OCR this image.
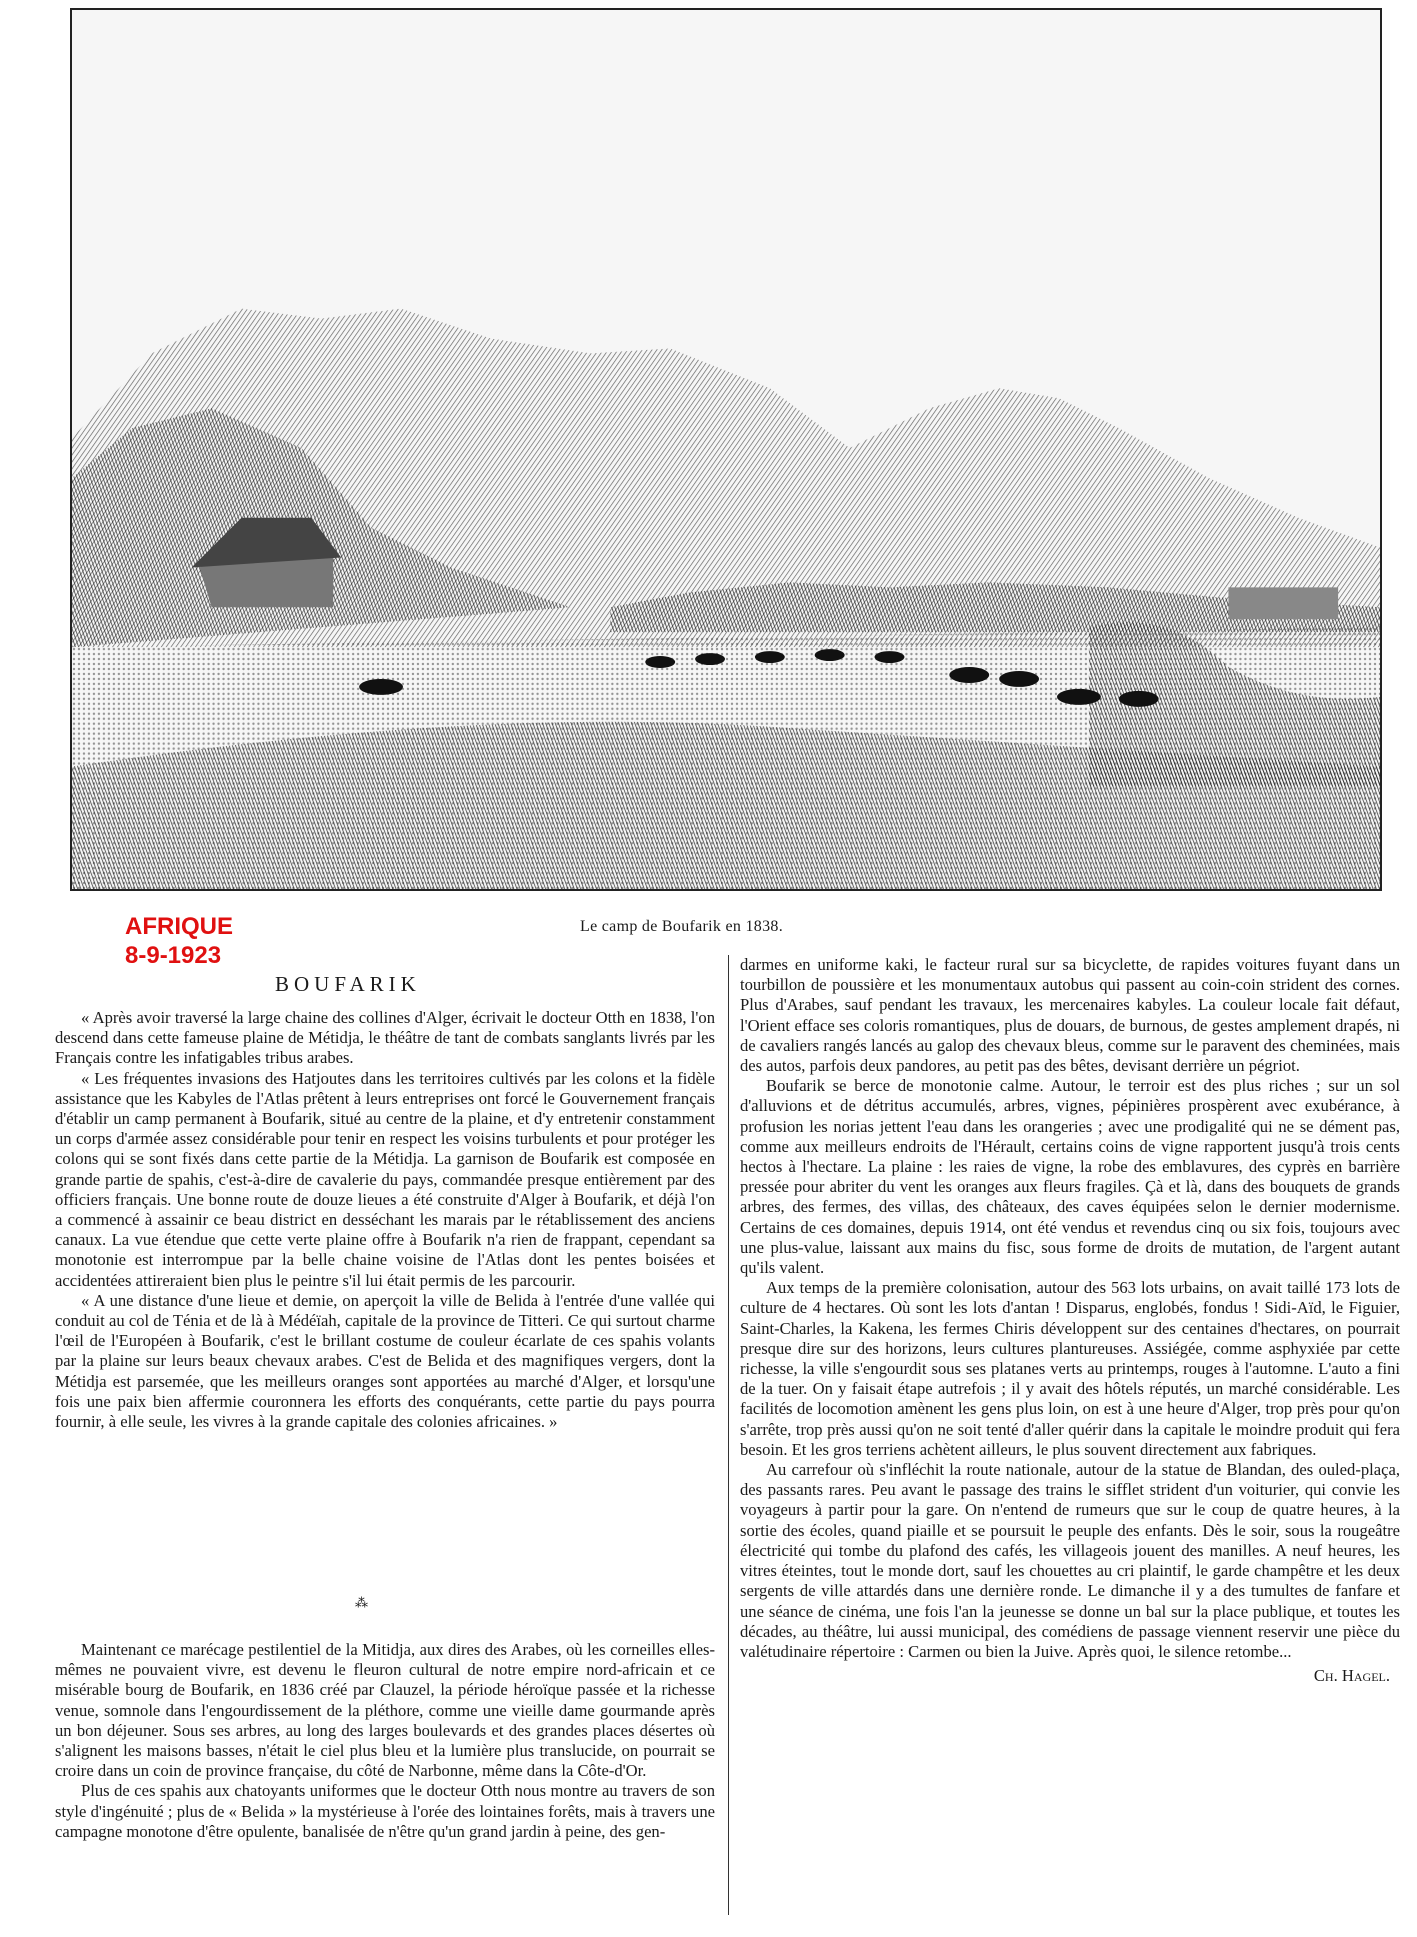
AFRIQUE
8-9-1923
Le camp de Boufarik en 1838.
BOUFARIK

« Après avoir traversé la large chaine des collines d'Alger, écrivait le docteur Otth en 1838, l'on descend dans cette fameuse plaine de Métidja, le théâtre de tant de combats sanglants livrés par les Français contre les infatigables tribus arabes.

« Les fréquentes invasions des Hatjoutes dans les territoires cultivés par les colons et la fidèle assistance que les Kabyles de l'Atlas prêtent à leurs entreprises ont forcé le Gouvernement français d'établir un camp permanent à Boufarik, situé au centre de la plaine, et d'y entretenir constamment un corps d'armée assez considérable pour tenir en respect les voisins turbulents et pour protéger les colons qui se sont fixés dans cette partie de la Métidja. La garnison de Boufarik est composée en grande partie de spahis, c'est-à-dire de cavalerie du pays, commandée presque entièrement par des officiers français. Une bonne route de douze lieues a été construite d'Alger à Boufarik, et déjà l'on a commencé à assainir ce beau district en desséchant les marais par le rétablissement des anciens canaux. La vue étendue que cette verte plaine offre à Boufarik n'a rien de frappant, cependant sa monotonie est interrompue par la belle chaine voisine de l'Atlas dont les pentes boisées et accidentées attireraient bien plus le peintre s'il lui était permis de les parcourir.

« A une distance d'une lieue et demie, on aperçoit la ville de Belida à l'entrée d'une vallée qui conduit au col de Ténia et de là à Médéïah, capitale de la province de Titteri. Ce qui surtout charme l'œil de l'Européen à Boufarik, c'est le brillant costume de couleur écarlate de ces spahis volants par la plaine sur leurs beaux chevaux arabes. C'est de Belida et des magnifiques vergers, dont la Métidja est parsemée, que les meilleurs oranges sont apportées au marché d'Alger, et lorsqu'une fois une paix bien affermie couronnera les efforts des conquérants, cette partie du pays pourra fournir, à elle seule, les vivres à la grande capitale des colonies africaines. »

⁂

Maintenant ce marécage pestilentiel de la Mitidja, aux dires des Arabes, où les corneilles elles-mêmes ne pouvaient vivre, est devenu le fleuron cultural de notre empire nord-africain et ce misérable bourg de Boufarik, en 1836 créé par Clauzel, la période héroïque passée et la richesse venue, somnole dans l'engourdissement de la pléthore, comme une vieille dame gourmande après un bon déjeuner. Sous ses arbres, au long des larges boulevards et des grandes places désertes où s'alignent les maisons basses, n'était le ciel plus bleu et la lumière plus translucide, on pourrait se croire dans un coin de province française, du côté de Narbonne, même dans la Côte-d'Or.

Plus de ces spahis aux chatoyants uniformes que le docteur Otth nous montre au travers de son style d'ingénuité ; plus de « Belida » la mystérieuse à l'orée des lointaines forêts, mais à travers une campagne monotone d'être opulente, banalisée de n'être qu'un grand jardin à peine, des gen-

darmes en uniforme kaki, le facteur rural sur sa bicyclette, de rapides voitures fuyant dans un tourbillon de poussière et les monumentaux autobus qui passent au coin-coin strident des cornes. Plus d'Arabes, sauf pendant les travaux, les mercenaires kabyles. La couleur locale fait défaut, l'Orient efface ses coloris romantiques, plus de douars, de burnous, de gestes amplement drapés, ni de cavaliers rangés lancés au galop des chevaux bleus, comme sur le paravent des cheminées, mais des autos, parfois deux pandores, au petit pas des bêtes, devisant derrière un pégriot.

Boufarik se berce de monotonie calme. Autour, le terroir est des plus riches ; sur un sol d'alluvions et de détritus accumulés, arbres, vignes, pépinières prospèrent avec exubérance, à profusion les norias jettent l'eau dans les orangeries ; avec une prodigalité qui ne se dément pas, comme aux meilleurs endroits de l'Hérault, certains coins de vigne rapportent jusqu'à trois cents hectos à l'hectare. La plaine : les raies de vigne, la robe des emblavures, des cyprès en barrière pressée pour abriter du vent les oranges aux fleurs fragiles. Çà et là, dans des bouquets de grands arbres, des fermes, des villas, des châteaux, des caves équipées selon le dernier modernisme. Certains de ces domaines, depuis 1914, ont été vendus et revendus cinq ou six fois, toujours avec une plus-value, laissant aux mains du fisc, sous forme de droits de mutation, de l'argent autant qu'ils valent.

Aux temps de la première colonisation, autour des 563 lots urbains, on avait taillé 173 lots de culture de 4 hectares. Où sont les lots d'antan ! Disparus, englobés, fondus ! Sidi-Aïd, le Figuier, Saint-Charles, la Kakena, les fermes Chiris développent sur des centaines d'hectares, on pourrait presque dire sur des horizons, leurs cultures plantureuses. Assiégée, comme asphyxiée par cette richesse, la ville s'engourdit sous ses platanes verts au printemps, rouges à l'automne. L'auto a fini de la tuer. On y faisait étape autrefois ; il y avait des hôtels réputés, un marché considérable. Les facilités de locomotion amènent les gens plus loin, on est à une heure d'Alger, trop près pour qu'on s'arrête, trop près aussi qu'on ne soit tenté d'aller quérir dans la capitale le moindre produit qui fera besoin. Et les gros terriens achètent ailleurs, le plus souvent directement aux fabriques.

Au carrefour où s'infléchit la route nationale, autour de la statue de Blandan, des ouled-plaça, des passants rares. Peu avant le passage des trains le sifflet strident d'un voiturier, qui convie les voyageurs à partir pour la gare. On n'entend de rumeurs que sur le coup de quatre heures, à la sortie des écoles, quand piaille et se poursuit le peuple des enfants. Dès le soir, sous la rougeâtre électricité qui tombe du plafond des cafés, les villageois jouent des manilles. A neuf heures, les vitres éteintes, tout le monde dort, sauf les chouettes au cri plaintif, le garde champêtre et les deux sergents de ville attardés dans une dernière ronde. Le dimanche il y a des tumultes de fanfare et une séance de cinéma, une fois l'an la jeunesse se donne un bal sur la place publique, et toutes les décades, au théâtre, lui aussi municipal, des comédiens de passage viennent reservir une pièce du valétudinaire répertoire : Carmen ou bien la Juive. Après quoi, le silence retombe...

Ch. Hagel.
